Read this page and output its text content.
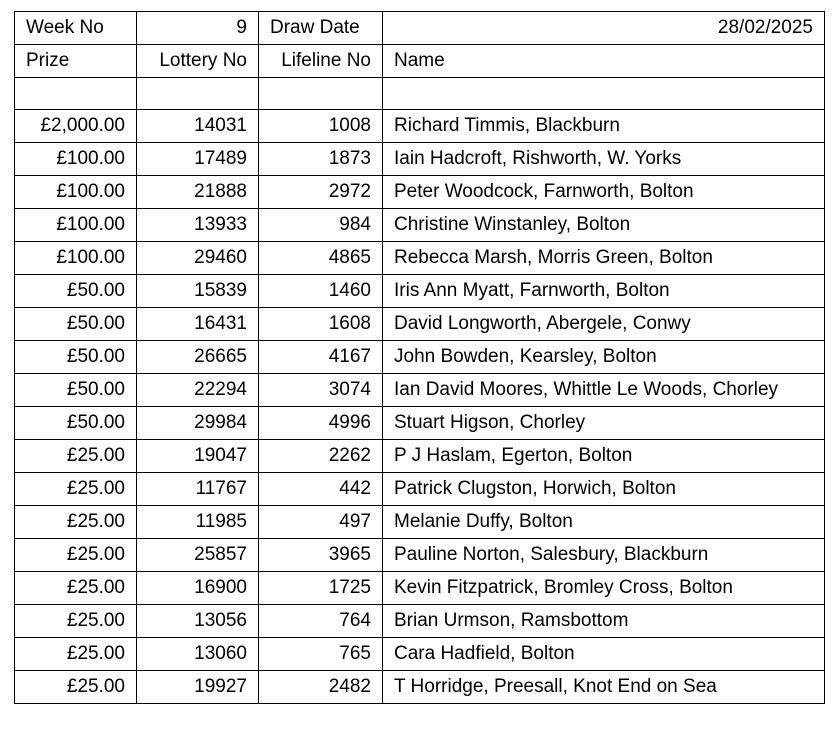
Week No	9	Draw Date	28/02/2025
Prize	Lottery No	Lifeline No	Name

£2,000.00	14031	1008	Richard Timmis, Blackburn
£100.00	17489	1873	Iain Hadcroft, Rishworth, W. Yorks
£100.00	21888	2972	Peter Woodcock, Farnworth, Bolton
£100.00	13933	984	Christine Winstanley, Bolton
£100.00	29460	4865	Rebecca Marsh, Morris Green, Bolton
£50.00	15839	1460	Iris Ann Myatt, Farnworth, Bolton
£50.00	16431	1608	David Longworth, Abergele, Conwy
£50.00	26665	4167	John Bowden, Kearsley, Bolton
£50.00	22294	3074	Ian David Moores, Whittle Le Woods, Chorley
£50.00	29984	4996	Stuart Higson, Chorley
£25.00	19047	2262	P J Haslam, Egerton, Bolton
£25.00	11767	442	Patrick Clugston, Horwich, Bolton
£25.00	11985	497	Melanie Duffy, Bolton
£25.00	25857	3965	Pauline Norton, Salesbury, Blackburn
£25.00	16900	1725	Kevin Fitzpatrick, Bromley Cross, Bolton
£25.00	13056	764	Brian Urmson, Ramsbottom
£25.00	13060	765	Cara Hadfield, Bolton
£25.00	19927	2482	T Horridge, Preesall, Knot End on Sea
